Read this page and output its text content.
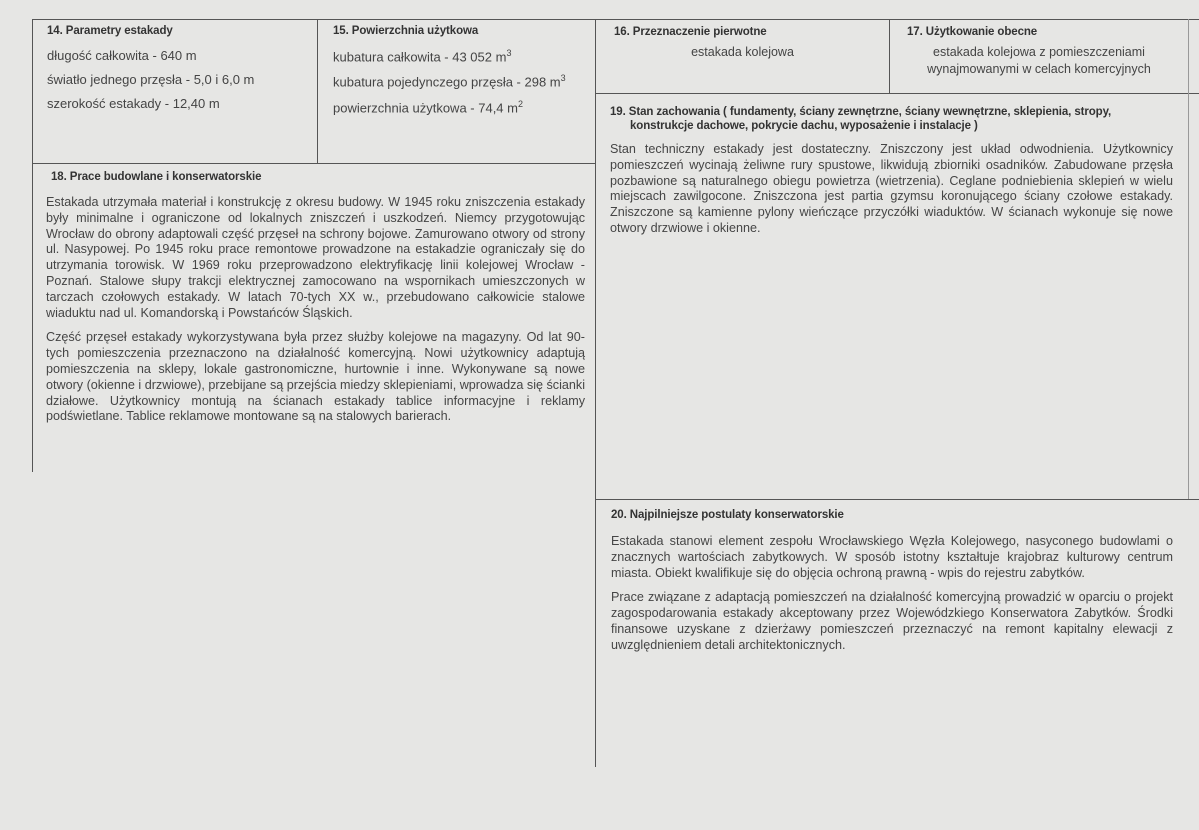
14. Parametry estakady
długość całkowita - 640 m
światło jednego przęsła - 5,0 i 6,0 m
szerokość estakady - 12,40 m
15. Powierzchnia użytkowa
kubatura całkowita - 43 052 $m^3$
kubatura pojedynczego przęsła - 298 $m^3$
powierzchnia użytkowa - 74,4 $m^2$
16. Przeznaczenie pierwotne
estakada kolejowa
17. Użytkowanie obecne
estakada kolejowa z pomieszczeniami
wynajmowanymi w celach komercyjnych
18. Prace budowlane i konserwatorskie

Estakada utrzymała materiał i konstrukcję z okresu budowy. W 1945 roku zniszczenia estakady były minimalne i ograniczone od lokalnych zniszczeń i uszkodzeń. Niemcy przygotowując Wrocław do obrony adaptowali część przęseł na schrony bojowe. Zamurowano otwory od strony ul. Nasypowej. Po 1945 roku prace remontowe prowadzone na estakadzie ograniczały się do utrzymania torowisk. W 1969 roku przeprowadzono elektryfikację linii kolejowej Wrocław - Poznań. Stalowe słupy trakcji elektrycznej zamocowano na wspornikach umieszczonych w tarczach czołowych estakady. W latach 70-tych XX w., przebudowano całkowicie stalowe wiaduktu nad ul. Komandorską i Powstańców Śląskich.

Część przęseł estakady wykorzystywana była przez służby kolejowe na magazyny. Od lat 90-tych pomieszczenia przeznaczono na działalność komercyjną. Nowi użytkownicy adaptują pomieszczenia na sklepy, lokale gastronomiczne, hurtownie i inne. Wykonywane są nowe otwory (okienne i drzwiowe), przebijane są przejścia miedzy sklepieniami, wprowadza się ścianki działowe. Użytkownicy montują na ścianach estakady tablice informacyjne i reklamy podświetlane. Tablice reklamowe montowane są na stalowych barierach.

19. Stan zachowania ( fundamenty, ściany zewnętrzne, ściany wewnętrzne, sklepienia, stropy,
konstrukcje dachowe, pokrycie dachu, wyposażenie i instalacje )

Stan techniczny estakady jest dostateczny. Zniszczony jest układ odwodnienia. Użytkownicy pomieszczeń wycinają żeliwne rury spustowe, likwidują zbiorniki osadników. Zabudowane przęsła pozbawione są naturalnego obiegu powietrza (wietrzenia). Ceglane podniebienia sklepień w wielu miejscach zawilgocone. Zniszczona jest partia gzymsu koronującego ściany czołowe estakady. Zniszczone są kamienne pylony wieńczące przyczółki wiaduktów. W ścianach wykonuje się nowe otwory drzwiowe i okienne.

20. Najpilniejsze postulaty konserwatorskie

Estakada stanowi element zespołu Wrocławskiego Węzła Kolejowego, nasyconego budowlami o znacznych wartościach zabytkowych. W sposób istotny kształtuje krajobraz kulturowy centrum miasta. Obiekt kwalifikuje się do objęcia ochroną prawną - wpis do rejestru zabytków.

Prace związane z adaptacją pomieszczeń na działalność komercyjną prowadzić w oparciu o projekt zagospodarowania estakady akceptowany przez Wojewódzkiego Konserwatora Zabytków. Środki finansowe uzyskane z dzierżawy pomieszczeń przeznaczyć na remont kapitalny elewacji z uwzględnieniem detali architektonicznych.
